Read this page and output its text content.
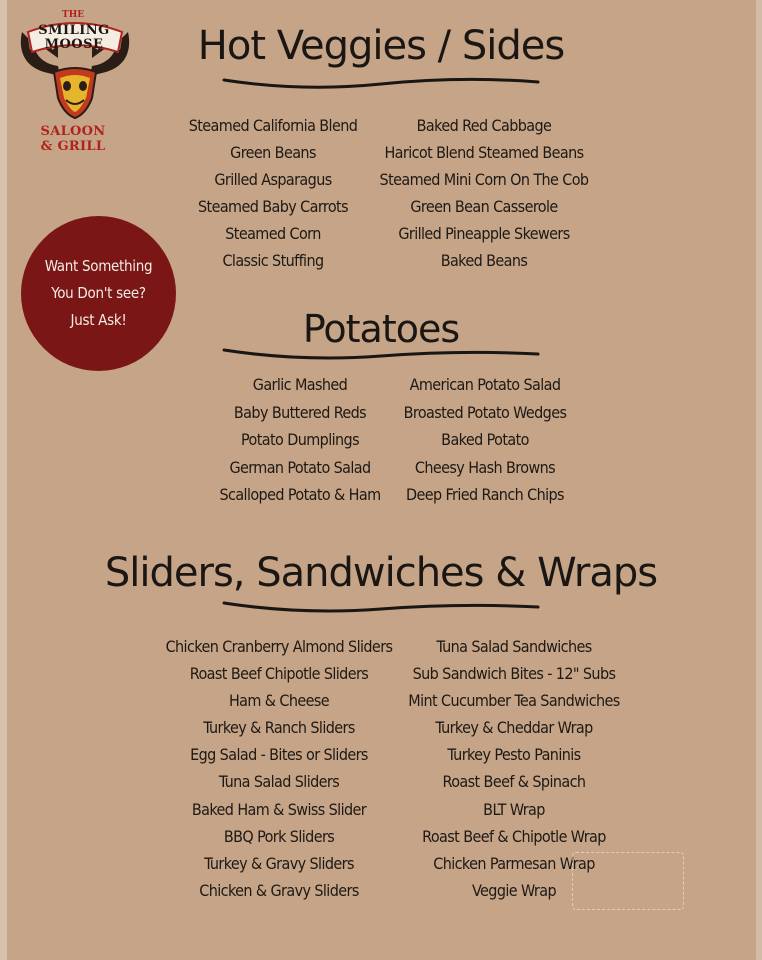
THE
SMILING
MOOSE
SALOON
& GRILL
Want Something
You Don't see?
Just Ask!
Hot Veggies / Sides
Steamed California Blend
Green Beans
Grilled Asparagus
Steamed Baby Carrots
Steamed Corn
Classic Stuffing
Baked Red Cabbage
Haricot Blend Steamed Beans
Steamed Mini Corn On The Cob
Green Bean Casserole
Grilled Pineapple Skewers
Baked Beans
Potatoes
Garlic Mashed
Baby Buttered Reds
Potato Dumplings
German Potato Salad
Scalloped Potato & Ham
American Potato Salad
Broasted Potato Wedges
Baked Potato
Cheesy Hash Browns
Deep Fried Ranch Chips
Sliders, Sandwiches & Wraps
Chicken Cranberry Almond Sliders
Roast Beef Chipotle Sliders
Ham & Cheese
Turkey & Ranch Sliders
Egg Salad - Bites or Sliders
Tuna Salad Sliders
Baked Ham & Swiss Slider
BBQ Pork Sliders
Turkey & Gravy Sliders
Chicken & Gravy Sliders
Tuna Salad Sandwiches
Sub Sandwich Bites - 12" Subs
Mint Cucumber Tea Sandwiches
Turkey & Cheddar Wrap
Turkey Pesto Paninis
Roast Beef & Spinach
BLT Wrap
Roast Beef & Chipotle Wrap
Chicken Parmesan Wrap
Veggie Wrap
